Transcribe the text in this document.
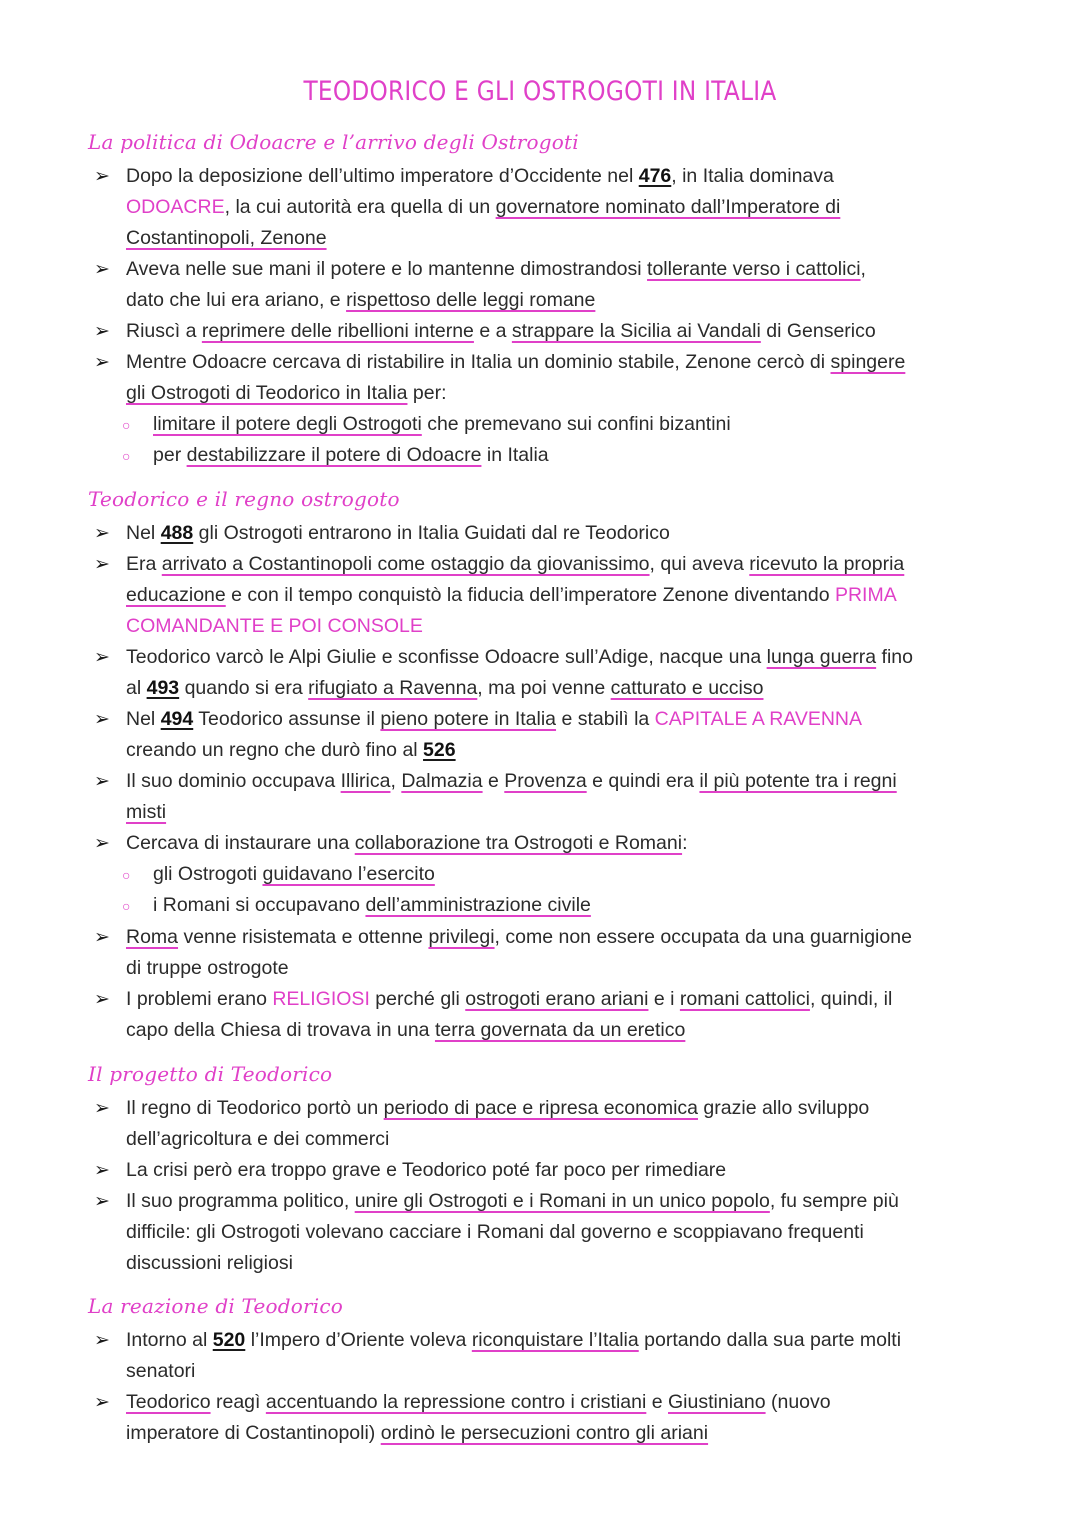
TEODORICO E GLI OSTROGOTI IN ITALIA
La politica di Odoacre e l’arrivo degli Ostrogoti
➢ Dopo la deposizione dell’ultimo imperatore d’Occidente nel 476, in Italia dominava
ODOACRE, la cui autorità era quella di un governatore nominato dall’Imperatore di
Costantinopoli, Zenone
➢ Aveva nelle sue mani il potere e lo mantenne dimostrandosi tollerante verso i cattolici,
dato che lui era ariano, e rispettoso delle leggi romane
➢ Riuscì a reprimere delle ribellioni interne e a strappare la Sicilia ai Vandali di Genserico
➢ Mentre Odoacre cercava di ristabilire in Italia un dominio stabile, Zenone cercò di spingere
gli Ostrogoti di Teodorico in Italia per:
○ limitare il potere degli Ostrogoti che premevano sui confini bizantini
○ per destabilizzare il potere di Odoacre in Italia
Teodorico e il regno ostrogoto
➢ Nel 488 gli Ostrogoti entrarono in Italia Guidati dal re Teodorico
➢ Era arrivato a Costantinopoli come ostaggio da giovanissimo, qui aveva ricevuto la propria
educazione e con il tempo conquistò la fiducia dell’imperatore Zenone diventando PRIMA
COMANDANTE E POI CONSOLE
➢ Teodorico varcò le Alpi Giulie e sconfisse Odoacre sull’Adige, nacque una lunga guerra fino
al 493 quando si era rifugiato a Ravenna, ma poi venne catturato e ucciso
➢ Nel 494 Teodorico assunse il pieno potere in Italia e stabilì la CAPITALE A RAVENNA
creando un regno che durò fino al 526
➢ Il suo dominio occupava Illirica, Dalmazia e Provenza e quindi era il più potente tra i regni
misti
➢ Cercava di instaurare una collaborazione tra Ostrogoti e Romani:
○ gli Ostrogoti guidavano l’esercito
○ i Romani si occupavano dell’amministrazione civile
➢ Roma venne risistemata e ottenne privilegi, come non essere occupata da una guarnigione
di truppe ostrogote
➢ I problemi erano RELIGIOSI perché gli ostrogoti erano ariani e i romani cattolici, quindi, il
capo della Chiesa di trovava in una terra governata da un eretico
Il progetto di Teodorico
➢ Il regno di Teodorico portò un periodo di pace e ripresa economica grazie allo sviluppo
dell’agricoltura e dei commerci
➢ La crisi però era troppo grave e Teodorico poté far poco per rimediare
➢ Il suo programma politico, unire gli Ostrogoti e i Romani in un unico popolo, fu sempre più
difficile: gli Ostrogoti volevano cacciare i Romani dal governo e scoppiavano frequenti
discussioni religiosi
La reazione di Teodorico
➢ Intorno al 520 l’Impero d’Oriente voleva riconquistare l’Italia portando dalla sua parte molti
senatori
➢ Teodorico reagì accentuando la repressione contro i cristiani e Giustiniano (nuovo
imperatore di Costantinopoli) ordinò le persecuzioni contro gli ariani
